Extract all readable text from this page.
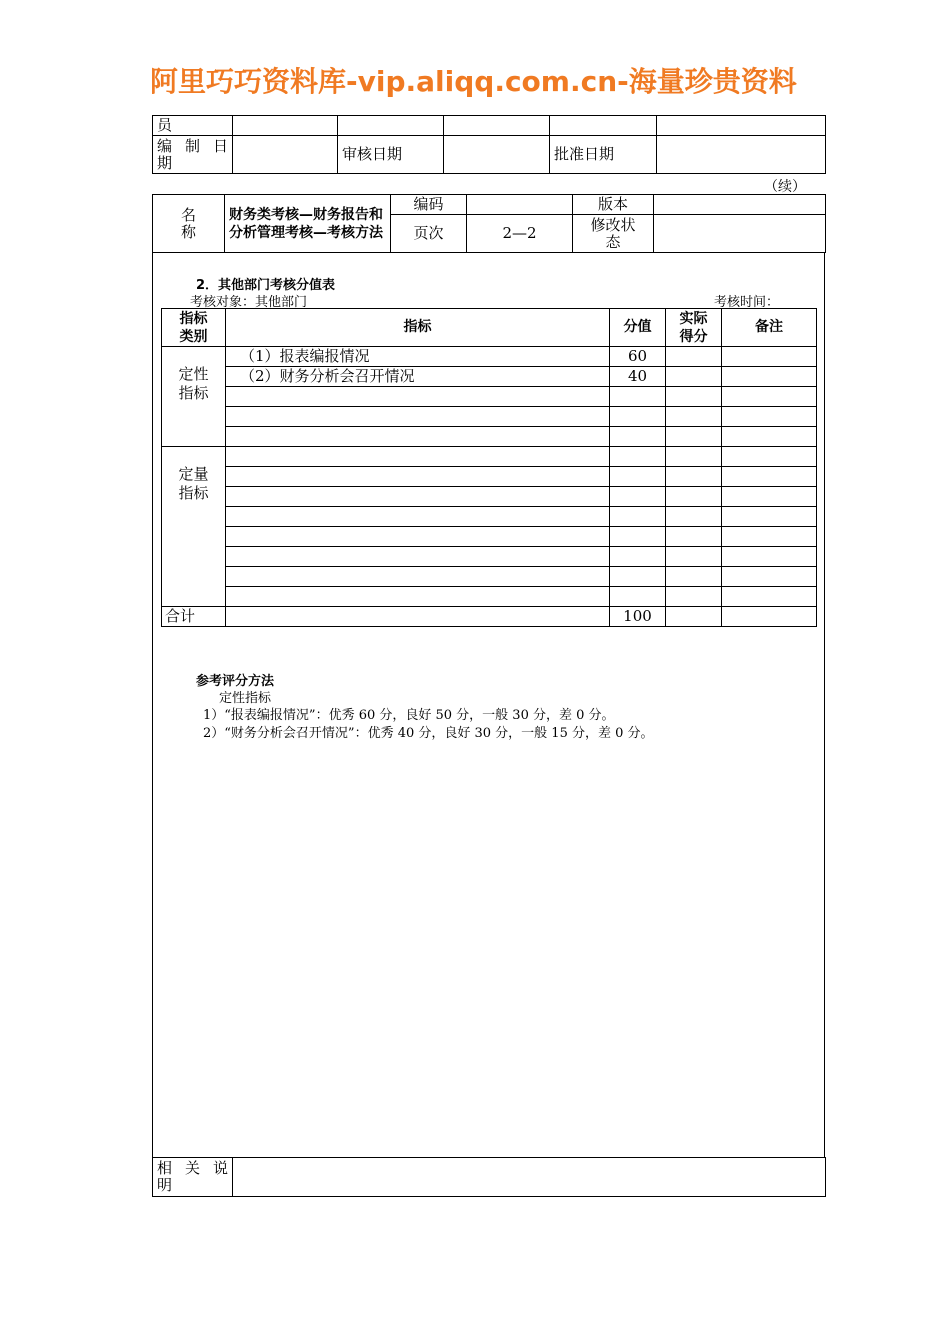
阿里巧巧资料库-vip.aliqq.com.cn-海量珍贵资料
员					
编 制 日 期		审核日期		批准日期	
（续）
名 称	财务类考核—财务报告和分析管理考核—考核方法	编码		版本	
		页次	2—2	修改状态	

2．其他部门考核分值表
考核对象：其他部门	考核时间：
指标类别	指标	分值	实际得分	备注

定性指标	（1）报表编报情况	60		
	（2）财务分析会召开情况	40		

定量指标				

合计		100		
参考评分方法
定性指标
1）“报表编报情况”：优秀 60 分，良好 50 分，一般 30 分，差 0 分。
2）“财务分析会召开情况”：优秀 40 分，良好 30 分，一般 15 分，差 0 分。
相 关 说 明	
